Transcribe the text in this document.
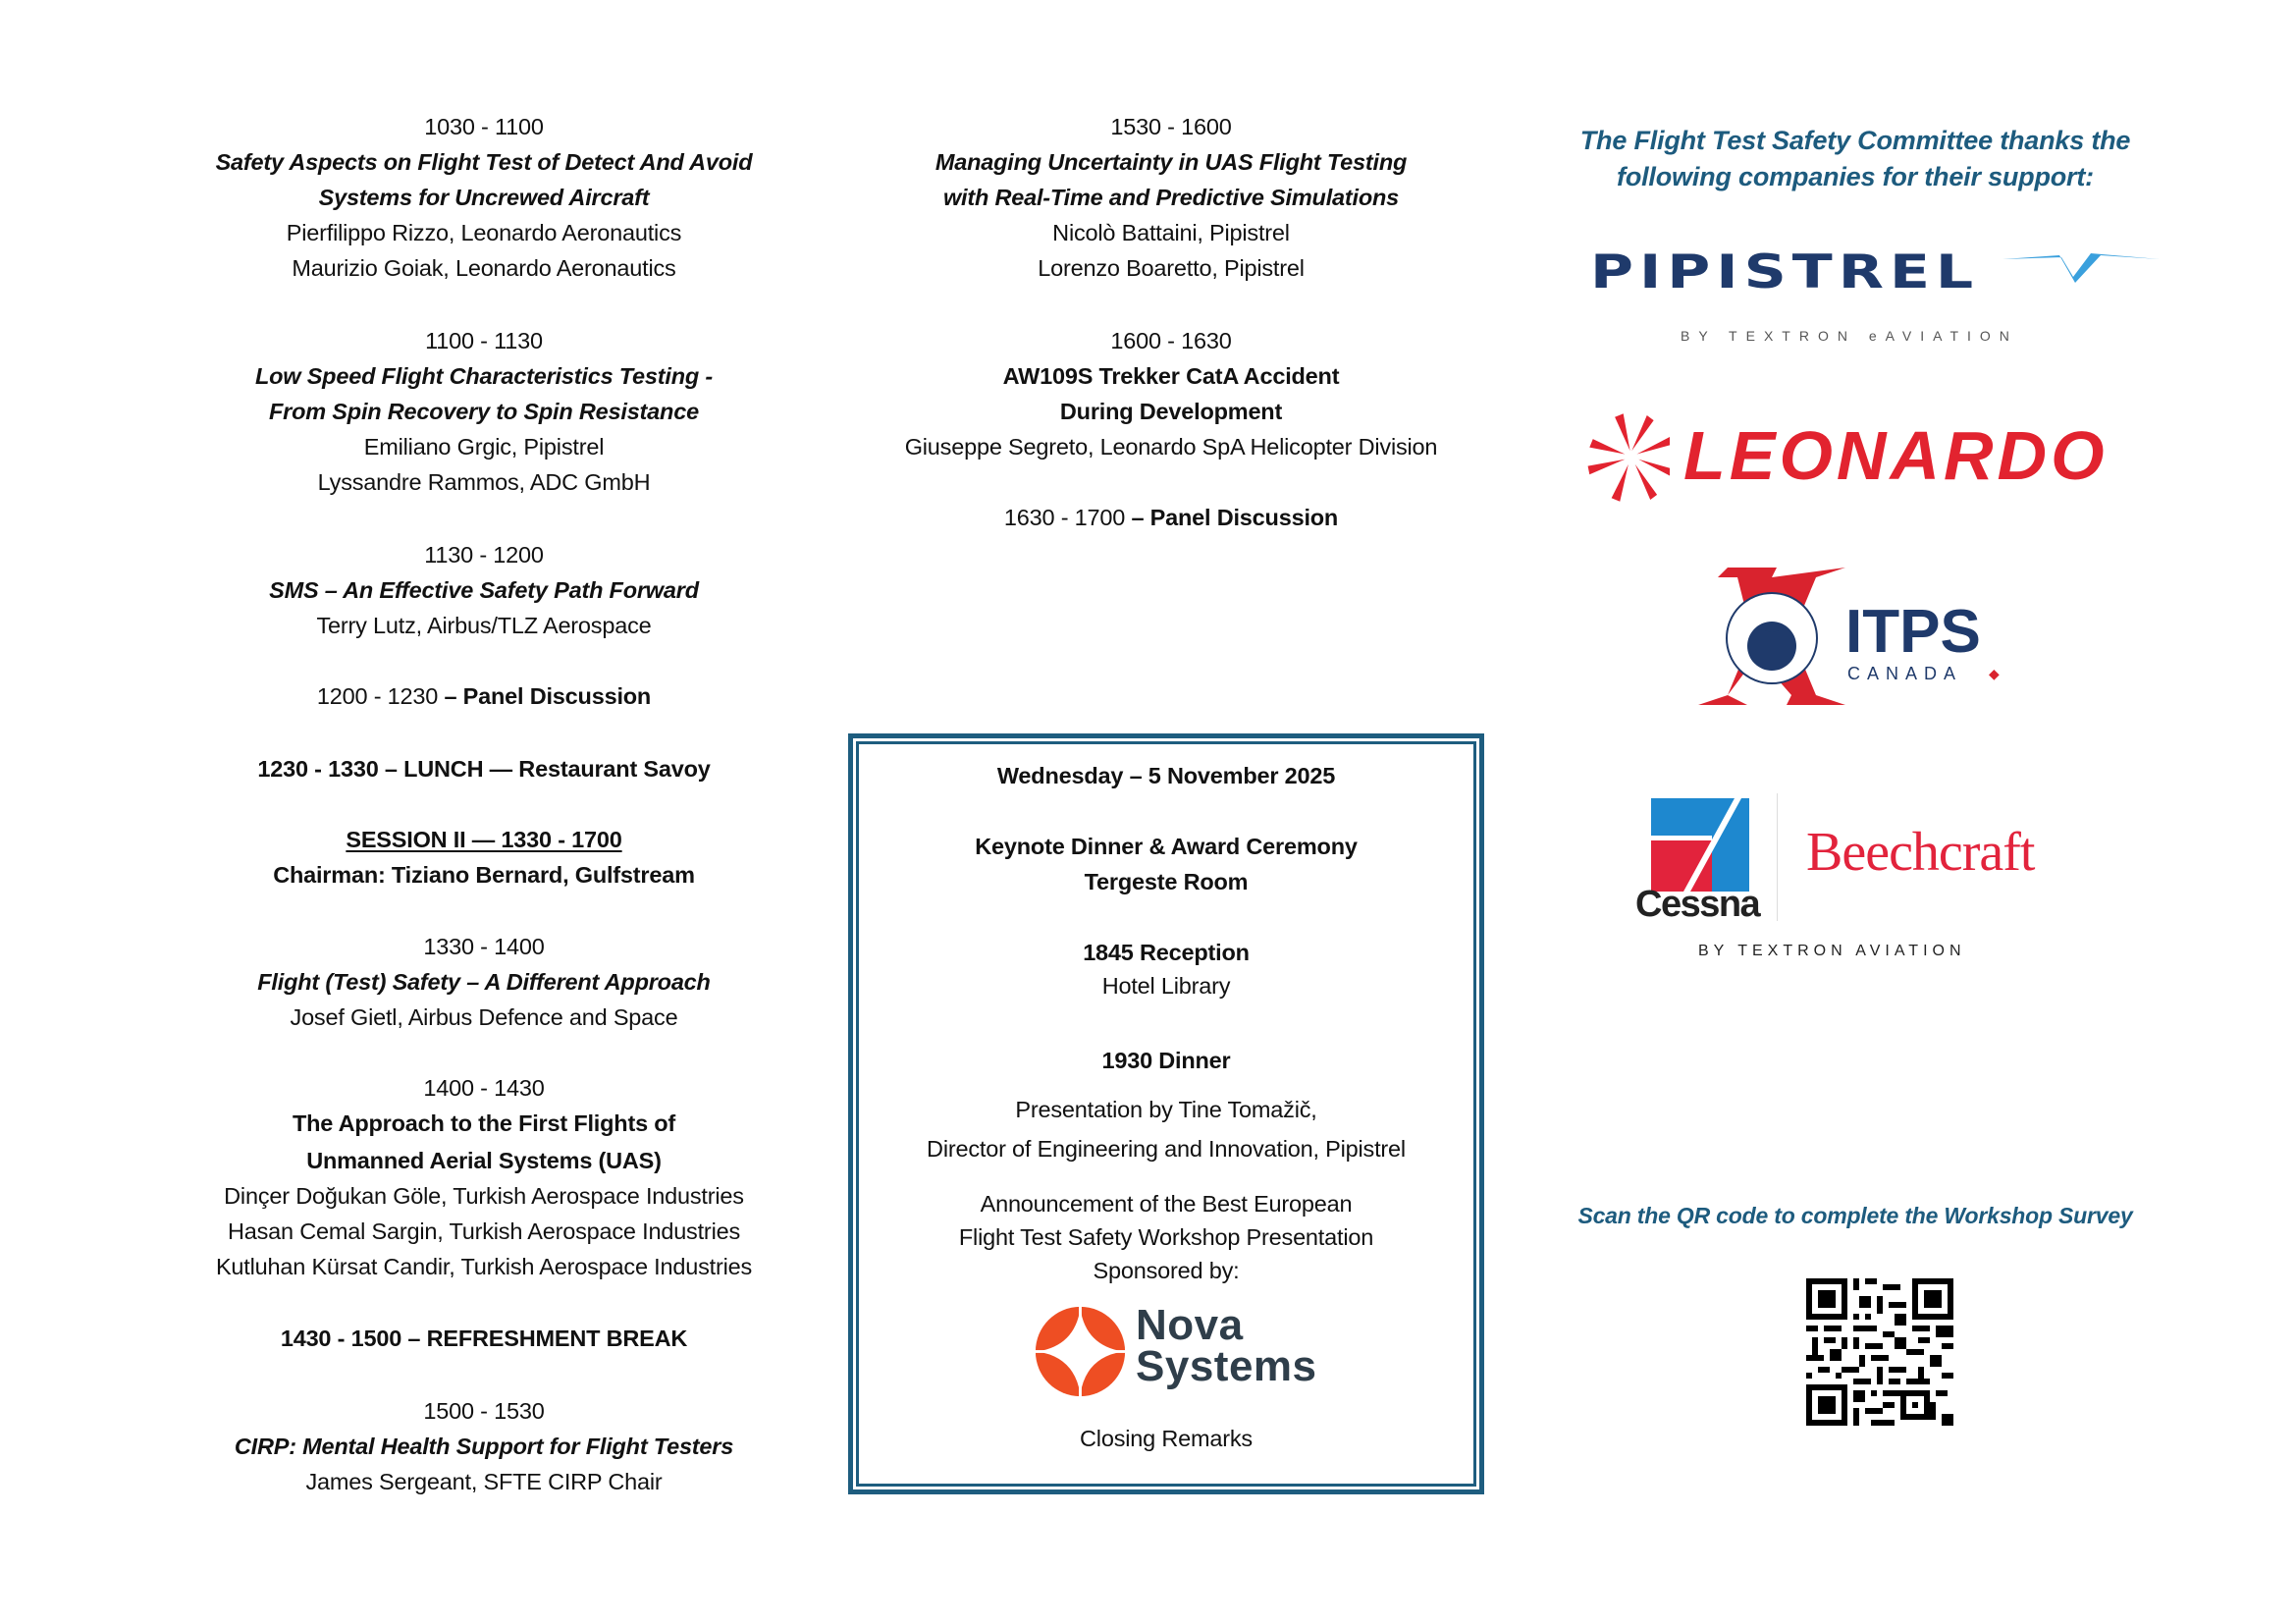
1030 - 1100
Safety Aspects on Flight Test of Detect And Avoid
Systems for Uncrewed Aircraft
Pierfilippo Rizzo, Leonardo Aeronautics
Maurizio Goiak, Leonardo Aeronautics
1100 - 1130
Low Speed Flight Characteristics Testing -
From Spin Recovery to Spin Resistance
Emiliano Grgic, Pipistrel
Lyssandre Rammos, ADC GmbH
1130 - 1200
SMS – An Effective Safety Path Forward
Terry Lutz, Airbus/TLZ Aerospace
1200 - 1230 – Panel Discussion
1230 - 1330 – LUNCH — Restaurant Savoy
SESSION II — 1330 - 1700
Chairman: Tiziano Bernard, Gulfstream
1330 - 1400
Flight (Test) Safety – A Different Approach
Josef Gietl, Airbus Defence and Space
1400 - 1430
The Approach to the First Flights of
Unmanned Aerial Systems (UAS)
Dinçer Doğukan Göle, Turkish Aerospace Industries
Hasan Cemal Sargin, Turkish Aerospace Industries
Kutluhan Kürsat Candir, Turkish Aerospace Industries
1430 - 1500 – REFRESHMENT BREAK
1500 - 1530
CIRP: Mental Health Support for Flight Testers
James Sergeant, SFTE CIRP Chair
1530 - 1600
Managing Uncertainty in UAS Flight Testing
with Real-Time and Predictive Simulations
Nicolò Battaini, Pipistrel
Lorenzo Boaretto, Pipistrel
1600 - 1630
AW109S Trekker CatA Accident
During Development
Giuseppe Segreto, Leonardo SpA Helicopter Division
1630 - 1700 – Panel Discussion
Wednesday – 5 November 2025
Keynote Dinner & Award Ceremony
Tergeste Room
1845 Reception
Hotel Library
1930 Dinner
Presentation by Tine Tomažič,
Director of Engineering and Innovation, Pipistrel
Announcement of the Best European
Flight Test Safety Workshop Presentation
Sponsored by:
Nova
Systems
Closing Remarks
The Flight Test Safety Committee thanks the
following companies for their support:
PIPISTREL
BY TEXTRON eAVIATION
LEONARDO
ITPS
CANADA ◆
Cessna
Beechcraft
BY TEXTRON AVIATION
Scan the QR code to complete the Workshop Survey
